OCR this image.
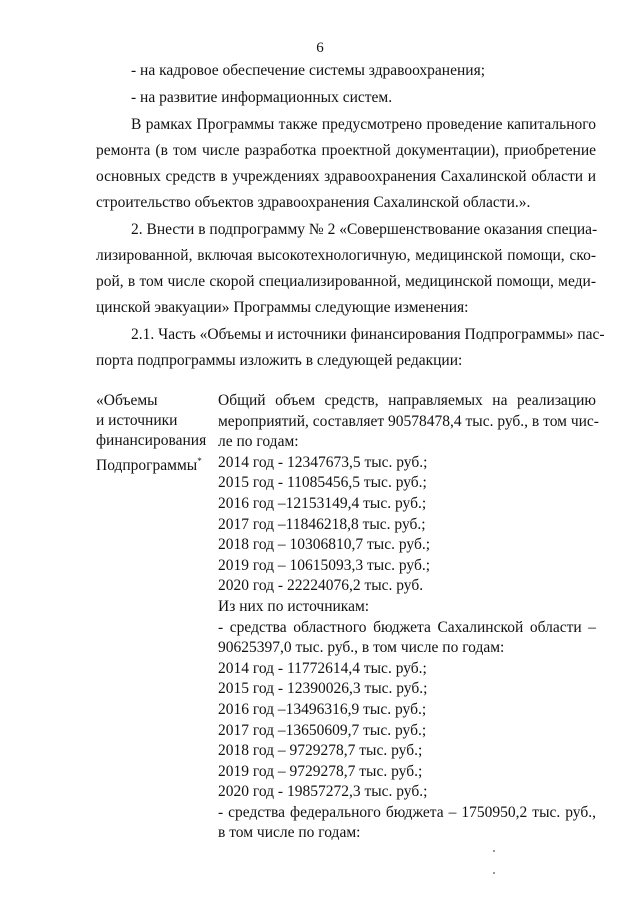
6
- на кадровое обеспечение системы здравоохранения;
- на развитие информационных систем.
В рамках Программы также предусмотрено проведение капитального
ремонта (в том числе разработка проектной документации), приобретение
основных средств в учреждениях здравоохранения Сахалинской области и
строительство объектов здравоохранения Сахалинской области.».
2. Внести в подпрограмму № 2 «Совершенствование оказания специа-
лизированной, включая высокотехнологичную, медицинской помощи, ско-
рой, в том числе скорой специализированной, медицинской помощи, меди-
цинской эвакуации» Программы следующие изменения:
2.1. Часть «Объемы и источники финансирования Подпрограммы» пас-
порта подпрограммы изложить в следующей редакции:
«Объемы
и источники
финансирования
Подпрограммы*
Общий объем средств, направляемых на реализацию
мероприятий, составляет 90578478,4 тыс. руб., в том чис-
ле по годам:
2014 год - 12347673,5 тыс. руб.;
2015 год - 11085456,5 тыс. руб.;
2016 год –12153149,4 тыс. руб.;
2017 год –11846218,8 тыс. руб.;
2018 год – 10306810,7 тыс. руб.;
2019 год – 10615093,3 тыс. руб.;
2020 год - 22224076,2 тыс. руб.
Из них по источникам:
- средства областного бюджета Сахалинской области –
90625397,0 тыс. руб., в том числе по годам:
2014 год - 11772614,4 тыс. руб.;
2015 год - 12390026,3 тыс. руб.;
2016 год –13496316,9 тыс. руб.;
2017 год –13650609,7 тыс. руб.;
2018 год – 9729278,7 тыс. руб.;
2019 год – 9729278,7 тыс. руб.;
2020 год - 19857272,3 тыс. руб.;
- средства федерального бюджета – 1750950,2 тыс. руб.,
в том числе по годам:
